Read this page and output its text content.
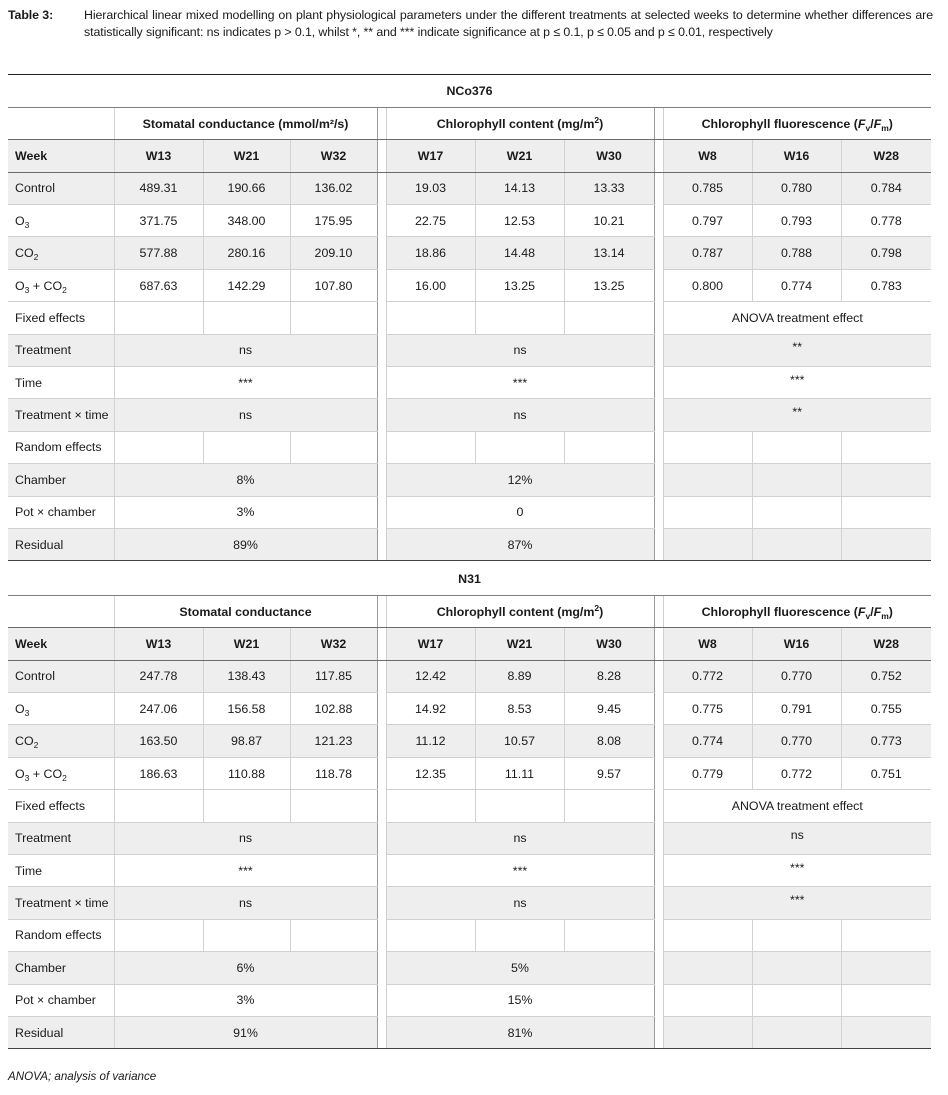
Table 3:	Hierarchical linear mixed modelling on plant physiological parameters under the different treatments at selected weeks to determine whether differences are statistically significant: ns indicates p > 0.1, whilst *, ** and *** indicate significance at p ≤ 0.1, p ≤ 0.05 and p ≤ 0.01, respectively
NCo376											
	Stomatal conductance (mmol/m²/s)				Chlorophyll content $(mg/m^2)$				Chlorophyll fluorescence $(F_v/F_m)$		
Week	W13	W21	W32		W17	W21	W30		W8	W16	W28
Control	489.31	190.66	136.02		19.03	14.13	13.33		0.785	0.780	0.784
$O_3$	371.75	348.00	175.95		22.75	12.53	10.21		0.797	0.793	0.778
$CO_2$	577.88	280.16	209.10		18.86	14.48	13.14		0.787	0.788	0.798
$O_3 + CO_2$	687.63	142.29	107.80		16.00	13.25	13.25		0.800	0.774	0.783
Fixed effects									ANOVA treatment effect		
Treatment	ns				ns				**		
Time	***				***				***		
Treatment × time	ns				ns				**		
Random effects											
Chamber	8%				12%						
Pot × chamber	3%				0						
Residual	89%				87%						
N31											
	Stomatal conductance				Chlorophyll content $(mg/m^2)$				Chlorophyll fluorescence $(F_v/F_m)$		
Week	W13	W21	W32		W17	W21	W30		W8	W16	W28
Control	247.78	138.43	117.85		12.42	8.89	8.28		0.772	0.770	0.752
$O_3$	247.06	156.58	102.88		14.92	8.53	9.45		0.775	0.791	0.755
$CO_2$	163.50	98.87	121.23		11.12	10.57	8.08		0.774	0.770	0.773
$O_3 + CO_2$	186.63	110.88	118.78		12.35	11.11	9.57		0.779	0.772	0.751
Fixed effects									ANOVA treatment effect		
Treatment	ns				ns				ns		
Time	***				***				***		
Treatment × time	ns				ns				***		
Random effects											
Chamber	6%				5%						
Pot × chamber	3%				15%						
Residual	91%				81%						
ANOVA; analysis of variance
